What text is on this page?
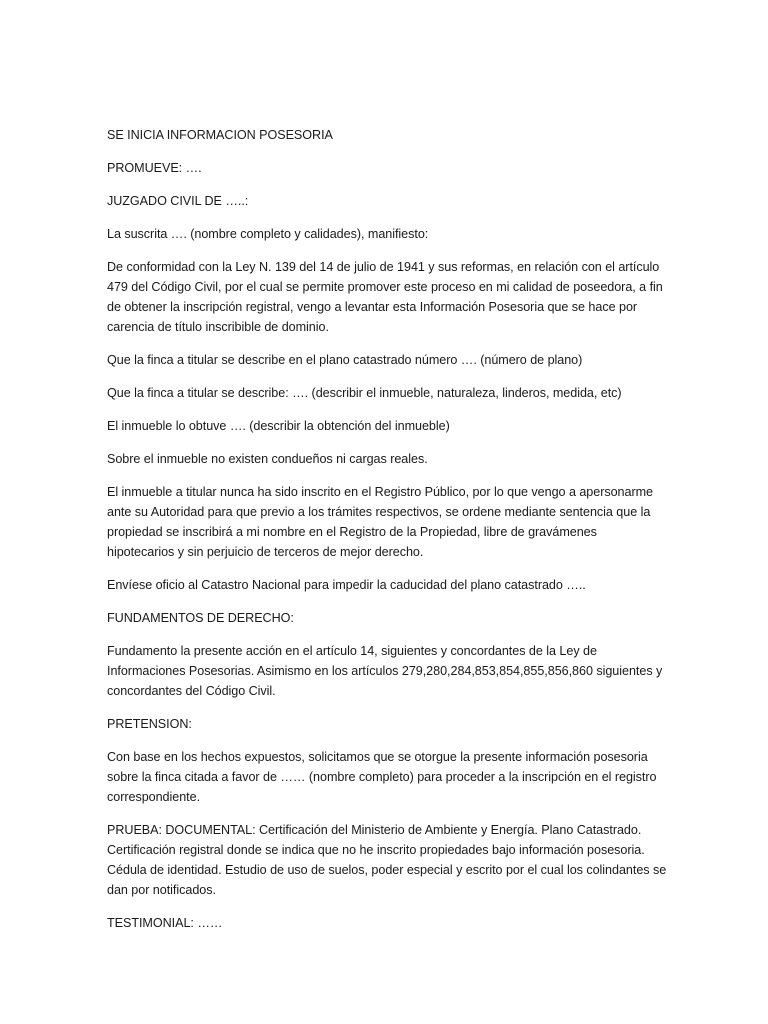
SE INICIA INFORMACION POSESORIA

PROMUEVE: ….

JUZGADO CIVIL DE …..:

La suscrita …. (nombre completo y calidades), manifiesto:

De conformidad con la Ley N. 139 del 14 de julio de 1941 y sus reformas, en relación con el artículo 479 del Código Civil, por el cual se permite promover este proceso en mi calidad de poseedora, a fin de obtener la inscripción registral, vengo a levantar esta Información Posesoria que se hace por carencia de título inscribible de dominio.

Que la finca a titular se describe en el plano catastrado número …. (número de plano)

Que la finca a titular se describe: …. (describir el inmueble, naturaleza, linderos, medida, etc)

El inmueble lo obtuve …. (describir la obtención del inmueble)

Sobre el inmueble no existen condueños ni cargas reales.

El inmueble a titular nunca ha sido inscrito en el Registro Público, por lo que vengo a apersonarme ante su Autoridad para que previo a los trámites respectivos, se ordene mediante sentencia que la propiedad se inscribirá a mi nombre en el Registro de la Propiedad, libre de gravámenes hipotecarios y sin perjuicio de terceros de mejor derecho.

Envíese oficio al Catastro Nacional para impedir la caducidad del plano catastrado …..

FUNDAMENTOS DE DERECHO:

Fundamento la presente acción en el artículo 14, siguientes y concordantes de la Ley de Informaciones Posesorias. Asimismo en los artículos 279,280,284,853,854,855,856,860 siguientes y concordantes del Código Civil.

PRETENSION:

Con base en los hechos expuestos, solicitamos que se otorgue la presente información posesoria sobre la finca citada a favor de …… (nombre completo) para proceder a la inscripción en el registro correspondiente.

PRUEBA: DOCUMENTAL: Certificación del Ministerio de Ambiente y Energía. Plano Catastrado. Certificación registral donde se indica que no he inscrito propiedades bajo información posesoria. Cédula de identidad. Estudio de uso de suelos, poder especial y escrito por el cual los colindantes se dan por notificados.

TESTIMONIAL: ……
